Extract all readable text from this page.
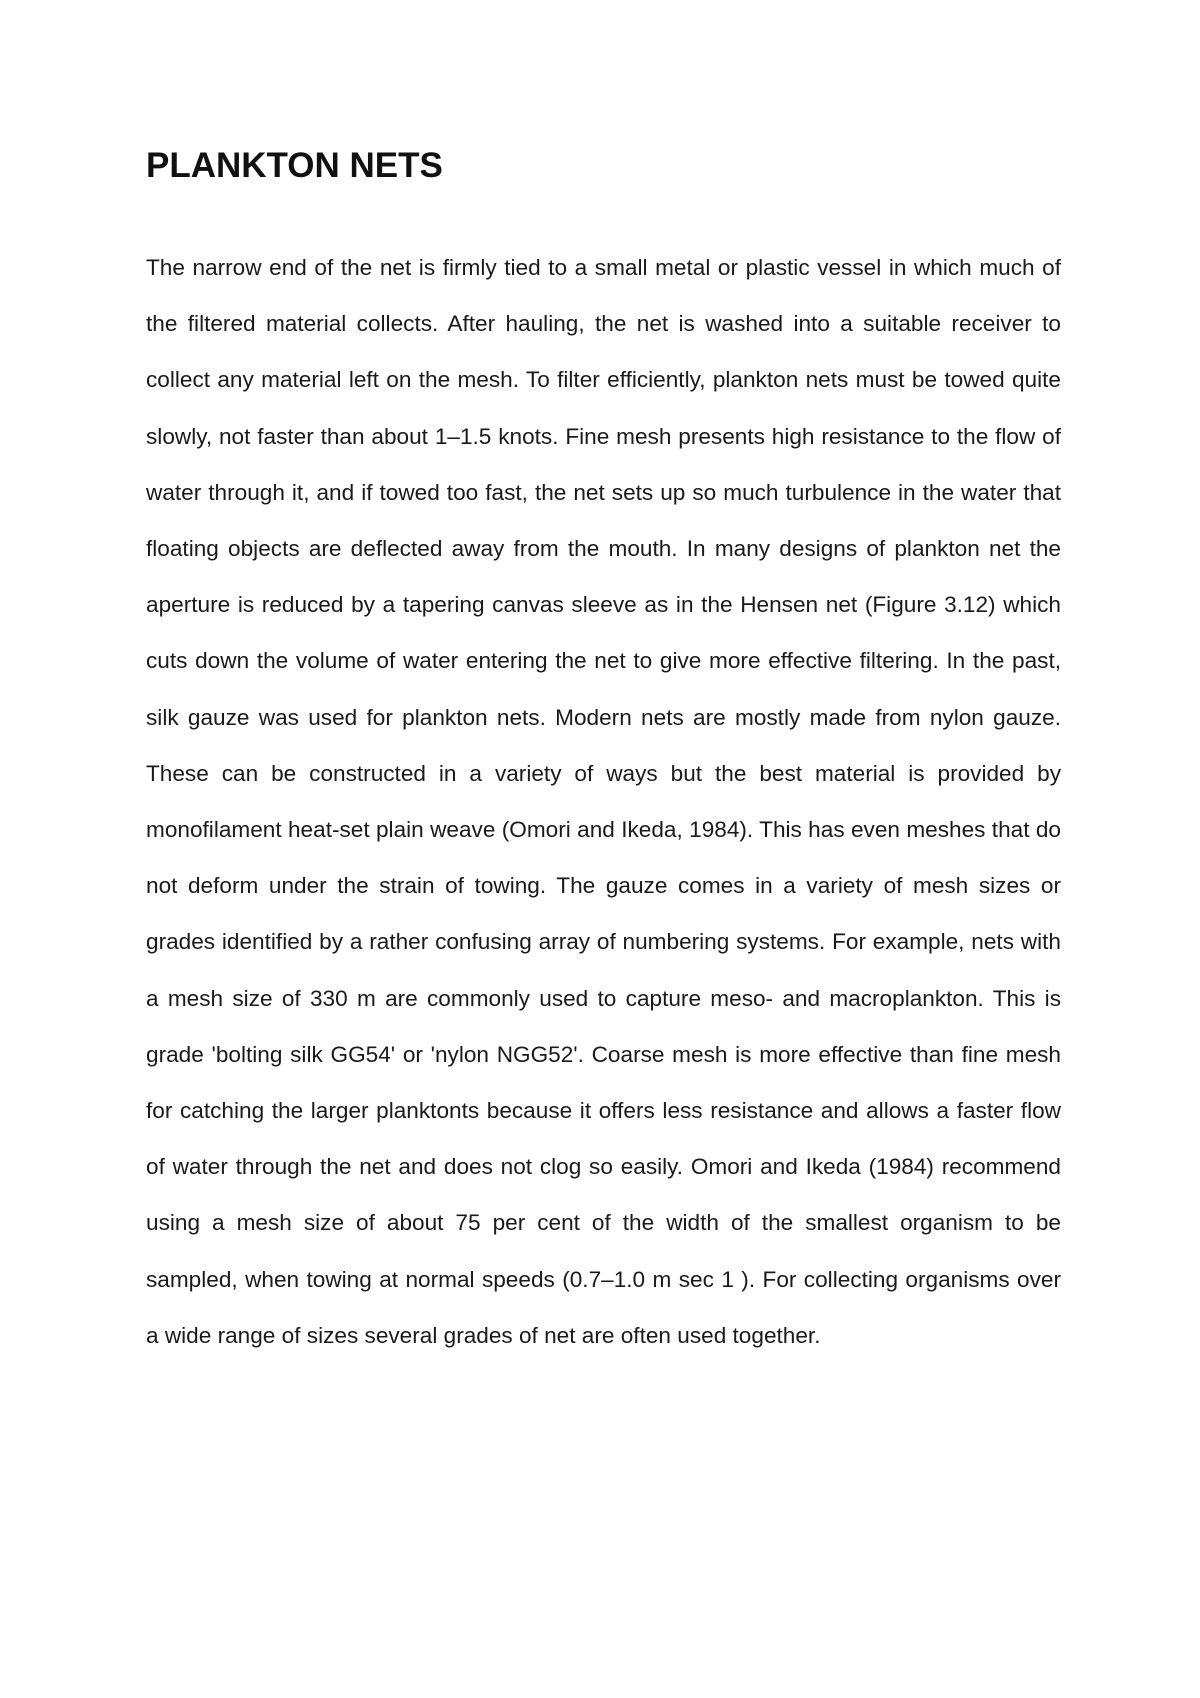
PLANKTON NETS

The narrow end of the net is firmly tied to a small metal or plastic vessel in which much of the filtered material collects. After hauling, the net is washed into a suitable receiver to collect any material left on the mesh. To filter efficiently, plankton nets must be towed quite slowly, not faster than about 1–1.5 knots. Fine mesh presents high resistance to the flow of water through it, and if towed too fast, the net sets up so much turbulence in the water that floating objects are deflected away from the mouth. In many designs of plankton net the aperture is reduced by a tapering canvas sleeve as in the Hensen net (Figure 3.12) which cuts down the volume of water entering the net to give more effective filtering. In the past, silk gauze was used for plankton nets. Modern nets are mostly made from nylon gauze. These can be constructed in a variety of ways but the best material is provided by monofilament heat-set plain weave (Omori and Ikeda, 1984). This has even meshes that do not deform under the strain of towing. The gauze comes in a variety of mesh sizes or grades identified by a rather confusing array of numbering systems. For example, nets with a mesh size of 330 m are commonly used to capture meso- and macroplankton. This is grade 'bolting silk GG54' or 'nylon NGG52'. Coarse mesh is more effective than fine mesh for catching the larger planktonts because it offers less resistance and allows a faster flow of water through the net and does not clog so easily. Omori and Ikeda (1984) recommend using a mesh size of about 75 per cent of the width of the smallest organism to be sampled, when towing at normal speeds (0.7–1.0 m sec 1 ). For collecting organisms over a wide range of sizes several grades of net are often used together.
